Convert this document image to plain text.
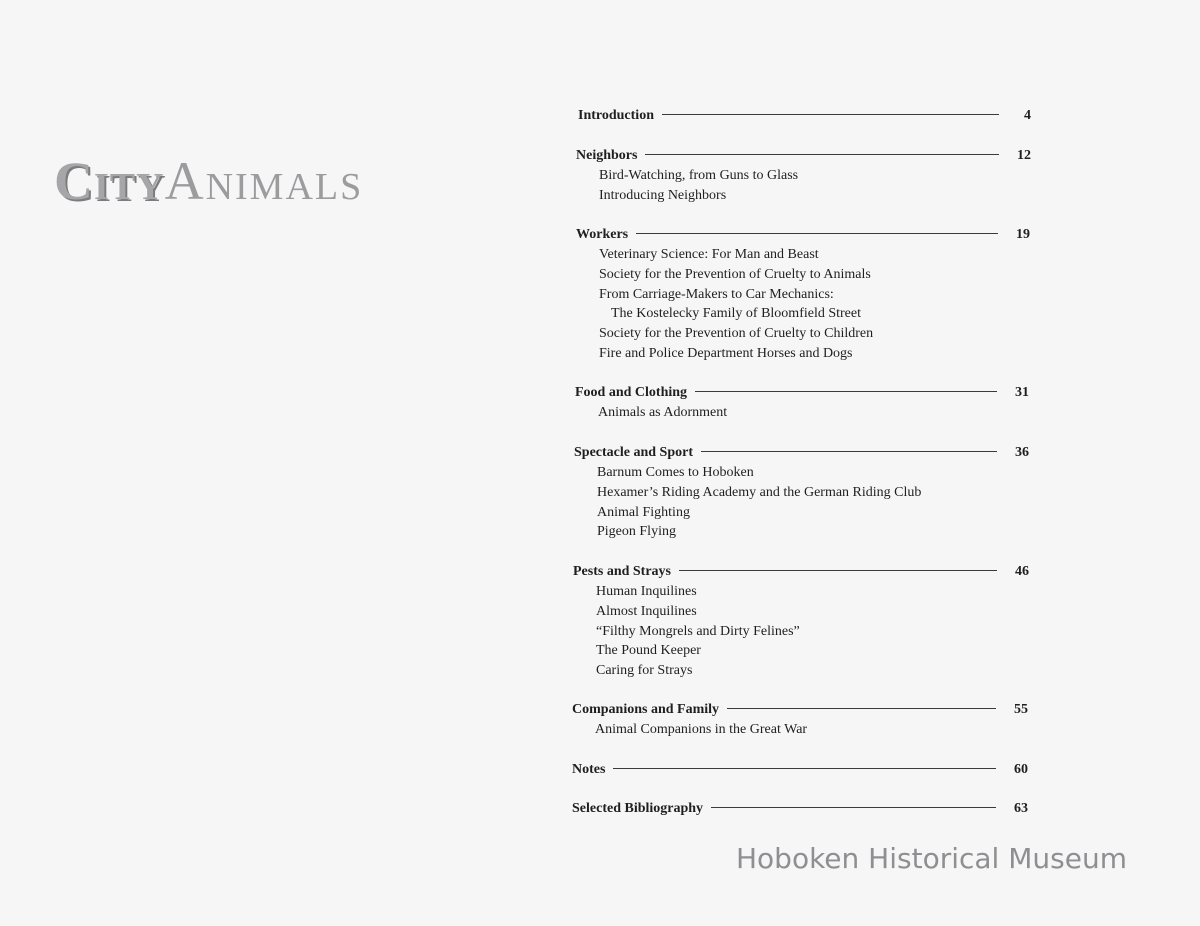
CityAnimals
Introduction	4
Neighbors	12
Bird-Watching, from Guns to Glass
Introducing Neighbors
Workers	19
Veterinary Science: For Man and Beast
Society for the Prevention of Cruelty to Animals
From Carriage-Makers to Car Mechanics:
The Kostelecky Family of Bloomfield Street
Society for the Prevention of Cruelty to Children
Fire and Police Department Horses and Dogs
Food and Clothing	31
Animals as Adornment
Spectacle and Sport	36
Barnum Comes to Hoboken
Hexamer’s Riding Academy and the German Riding Club
Animal Fighting
Pigeon Flying
Pests and Strays	46
Human Inquilines
Almost Inquilines
“Filthy Mongrels and Dirty Felines”
The Pound Keeper
Caring for Strays
Companions and Family	55
Animal Companions in the Great War
Notes	60
Selected Bibliography	63
Hoboken Historical Museum
